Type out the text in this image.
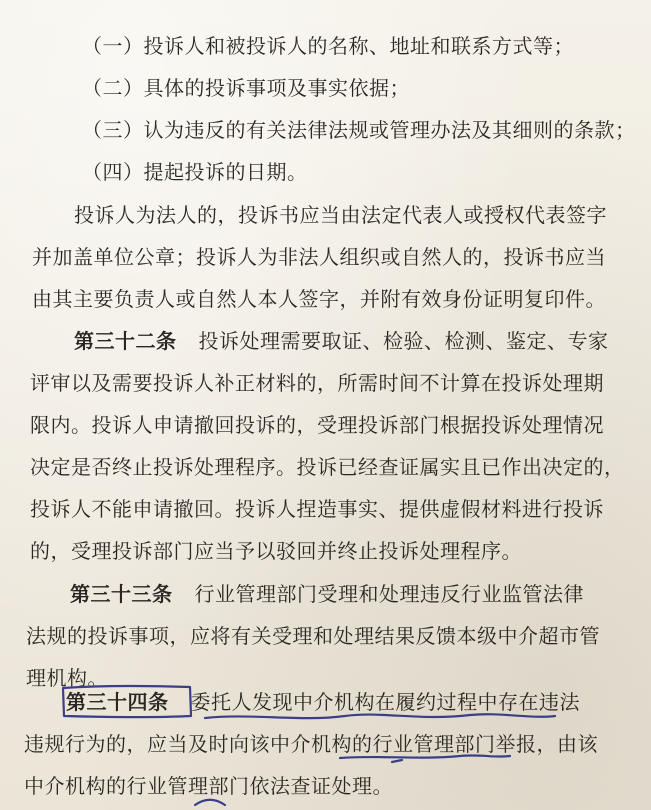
（一）投诉人和被投诉人的名称、地址和联系方式等；
（二）具体的投诉事项及事实依据；
（三）认为违反的有关法律法规或管理办法及其细则的条款；
（四）提起投诉的日期。
投诉人为法人的，投诉书应当由法定代表人或授权代表签字
并加盖单位公章；投诉人为非法人组织或自然人的，投诉书应当
由其主要负责人或自然人本人签字，并附有效身份证明复印件。
第三十二条 投诉处理需要取证、检验、检测、鉴定、专家
评审以及需要投诉人补正材料的，所需时间不计算在投诉处理期
限内。投诉人申请撤回投诉的，受理投诉部门根据投诉处理情况
决定是否终止投诉处理程序。投诉已经查证属实且已作出决定的，
投诉人不能申请撤回。投诉人捏造事实、提供虚假材料进行投诉
的，受理投诉部门应当予以驳回并终止投诉处理程序。
第三十三条 行业管理部门受理和处理违反行业监管法律
法规的投诉事项，应将有关受理和处理结果反馈本级中介超市管
理机构。
第三十四条 委托人发现中介机构在履约过程中存在违法
违规行为的，应当及时向该中介机构的行业管理部门举报，由该
中介机构的行业管理部门依法查证处理。
